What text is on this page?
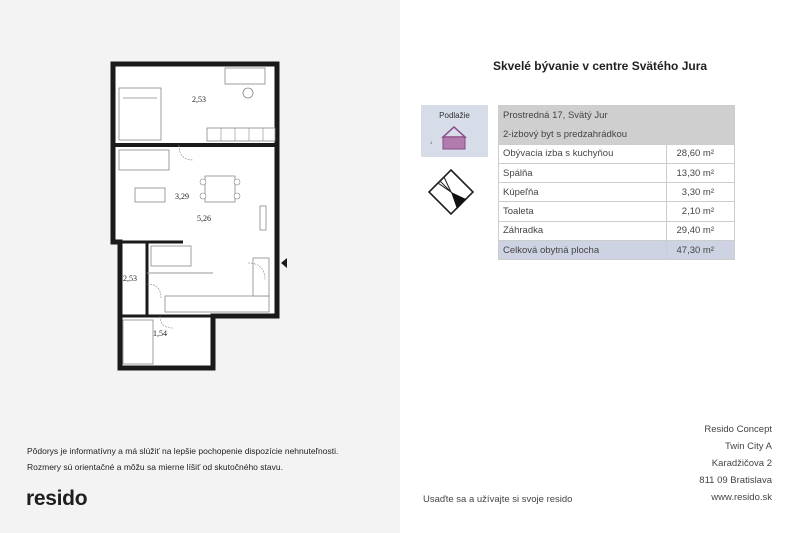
2,53
3,29
5,26
2,53
1,54
Pôdorys je informatívny a má slúžiť na lepšie pochopenie dispozície nehnuteľnosti.
Rozmery sú orientačné a môžu sa mierne líšiť od skutočného stavu.
resido
Skvelé bývanie v centre Svätého Jura
Podlažie
1
Prostredná 17, Svätý Jur	
2-izbový byt s predzahrádkou	
Obývacia izba s kuchyňou	28,60 m²
Spálňa	13,30 m²
Kúpeľňa	3,30 m²
Toaleta	2,10 m²
Záhradka	29,40 m²
Celková obytná plocha	47,30 m²
Resido Concept
Twin City A
Karadžičova 2
811 09 Bratislava
www.resido.sk
Usaďte sa a užívajte si svoje resido
